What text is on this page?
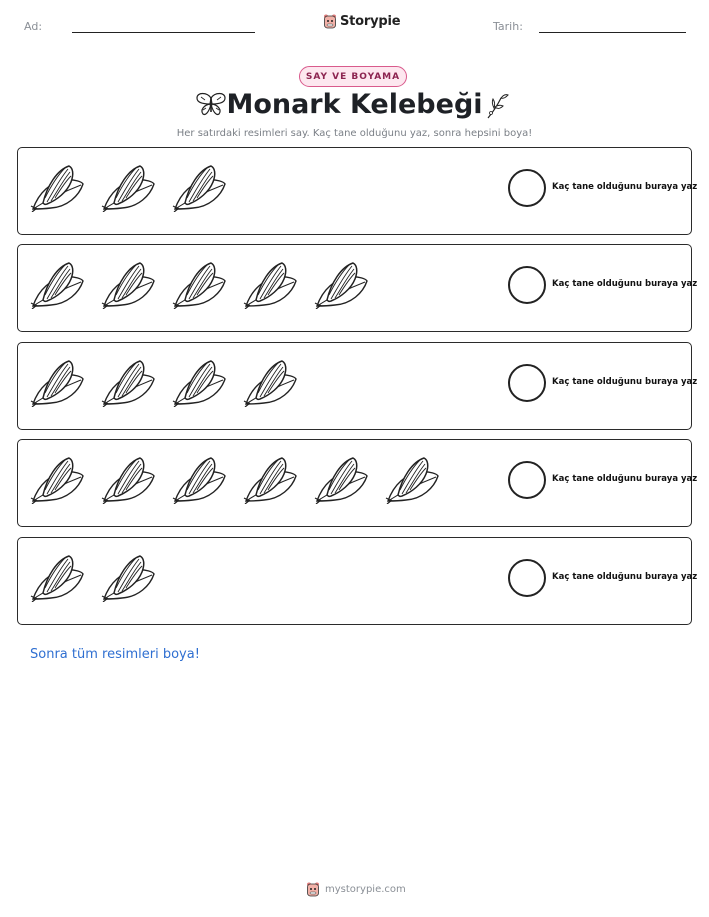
Ad:	Storypie	Tarih:
SAY VE BOYAMA
Monark Kelebeği
Her satırdaki resimleri say. Kaç tane olduğunu yaz, sonra hepsini boya!
Kaç tane olduğunu buraya yaz
Kaç tane olduğunu buraya yaz
Kaç tane olduğunu buraya yaz
Kaç tane olduğunu buraya yaz
Kaç tane olduğunu buraya yaz
Sonra tüm resimleri boya!
mystorypie.com
